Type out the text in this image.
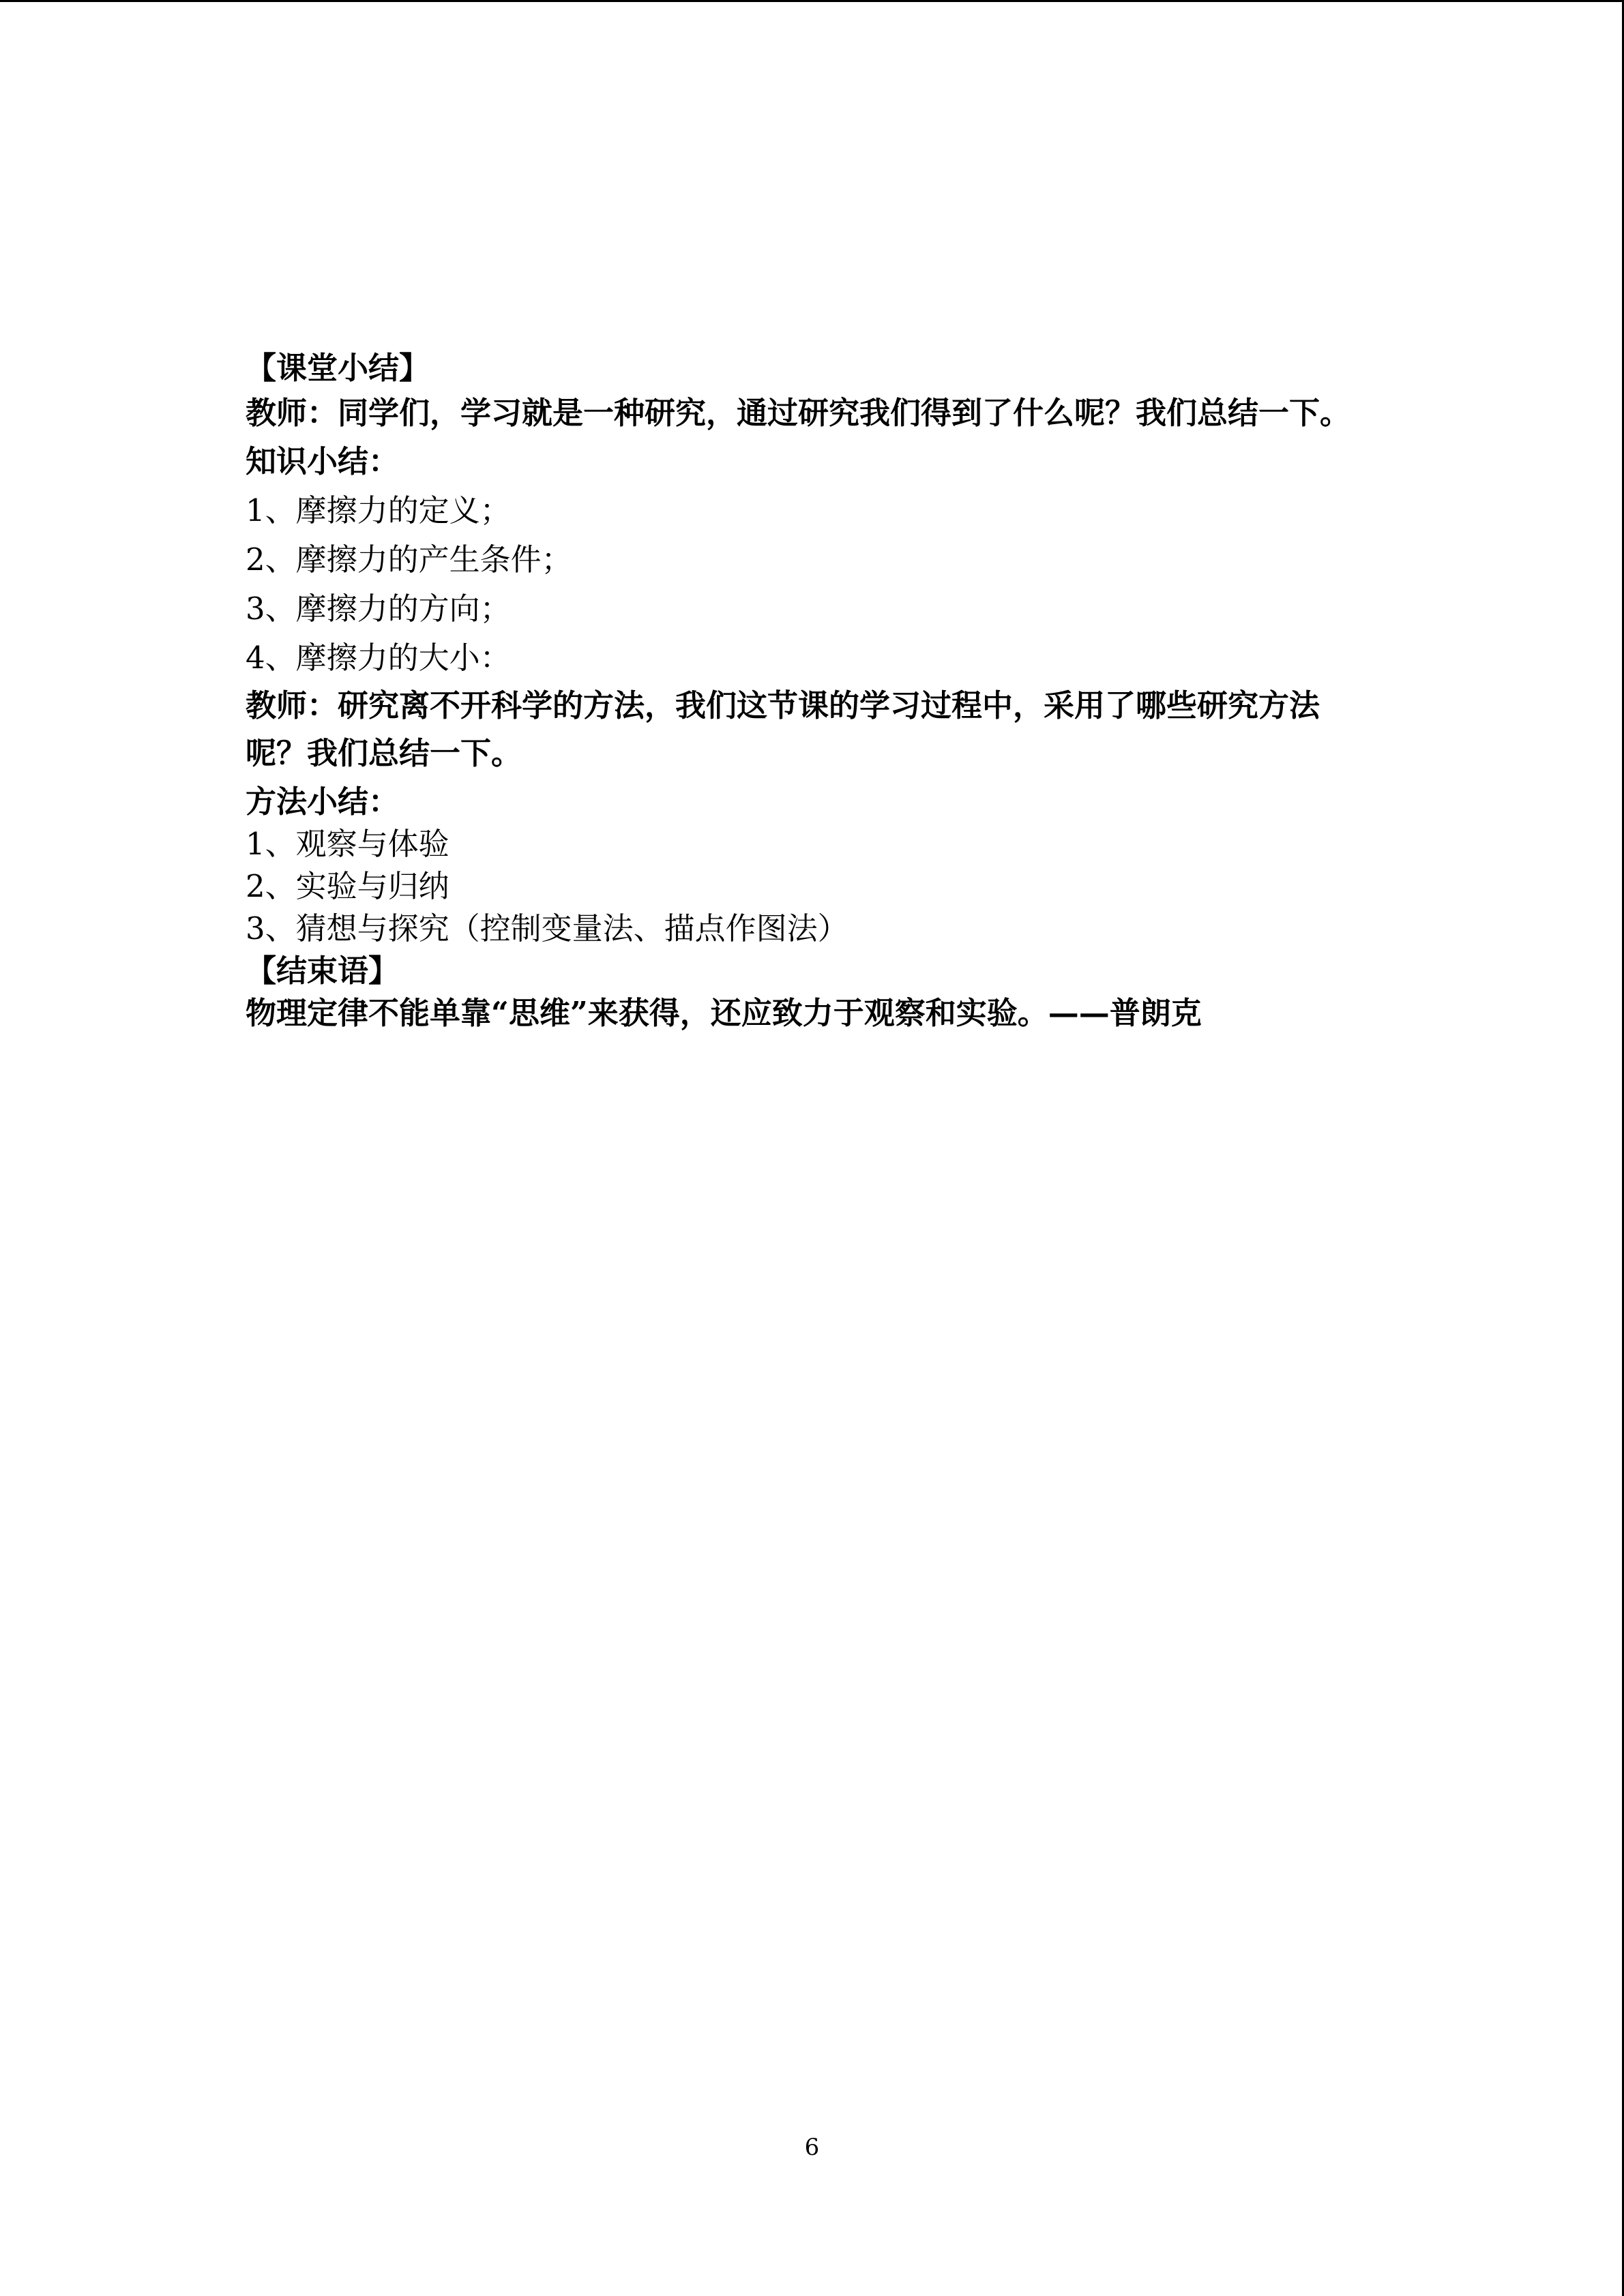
【课堂小结】
教师：同学们，学习就是一种研究，通过研究我们得到了什么呢？我们总结一下。
知识小结：
1、摩擦力的定义；
2、摩擦力的产生条件；
3、摩擦力的方向；
4、摩擦力的大小：
教师：研究离不开科学的方法，我们这节课的学习过程中，采用了哪些研究方法呢？我们总结一下。
方法小结：
1、观察与体验
2、实验与归纳
3、猜想与探究（控制变量法、描点作图法）
【结束语】
物理定律不能单靠“思维”来获得，还应致力于观察和实验。——普朗克
6
